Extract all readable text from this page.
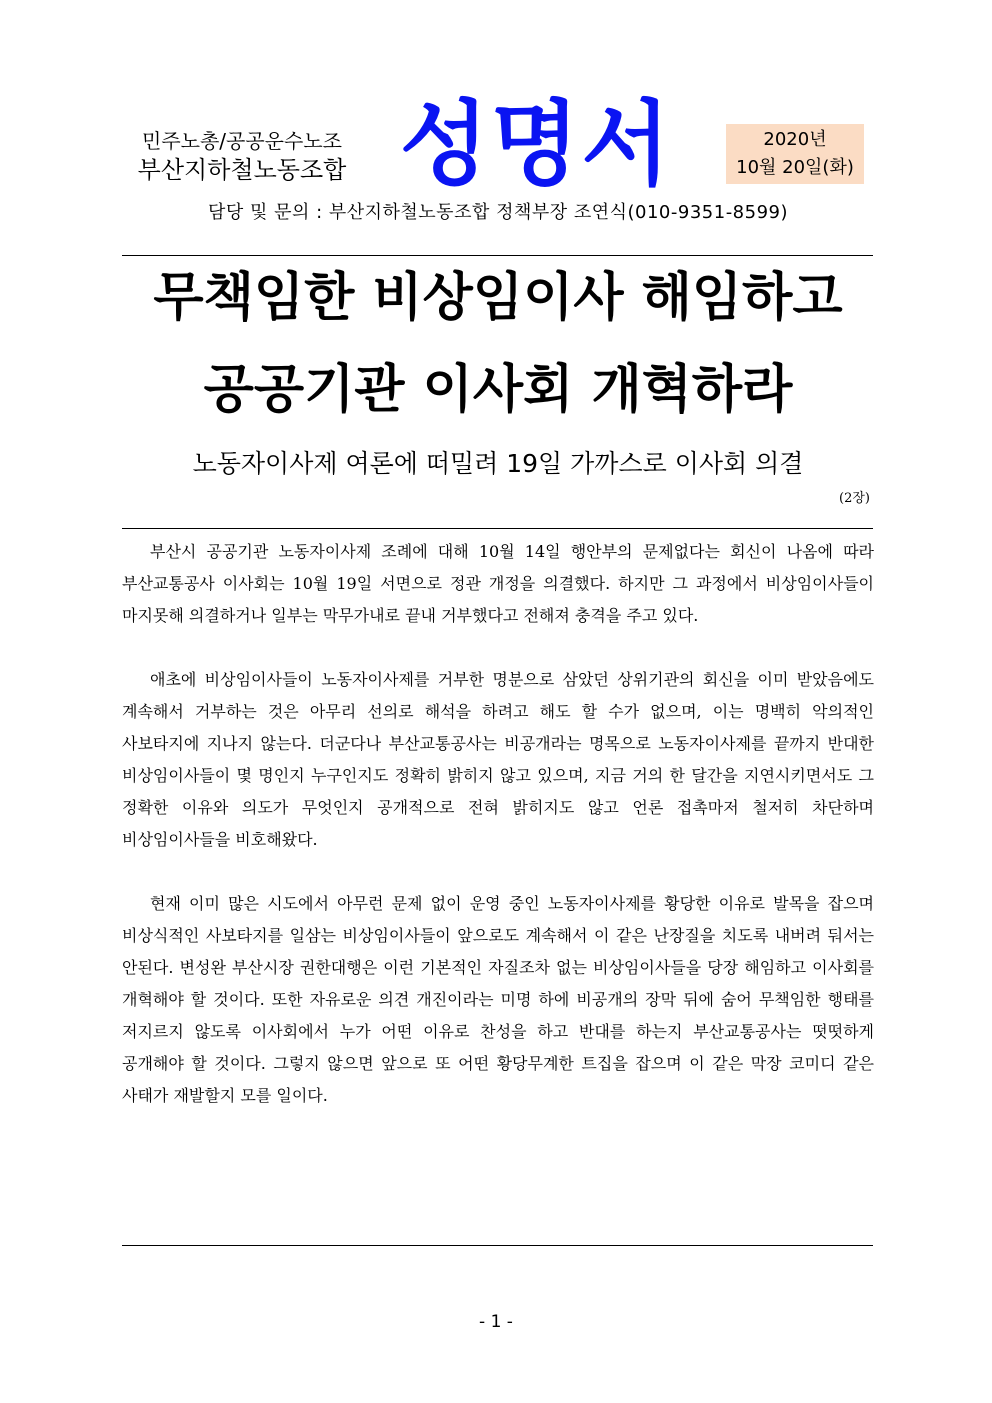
민주노총/공공운수노조
부산지하철노동조합 성명서	2020년
10월 20일(화)
담당 및 문의 : 부산지하철노동조합 정책부장 조연식(010-9351-8599)
무책임한 비상임이사 해임하고
공공기관 이사회 개혁하라
노동자이사제 여론에 떠밀려 19일 가까스로 이사회 의결
(2장)

부산시 공공기관 노동자이사제 조례에 대해 10월 14일 행안부의 문제없다는 회신이 나옴에 따라 부산교통공사 이사회는 10월 19일 서면으로 정관 개정을 의결했다. 하지만 그 과정에서 비상임이사들이 마지못해 의결하거나 일부는 막무가내로 끝내 거부했다고 전해져 충격을 주고 있다.

애초에 비상임이사들이 노동자이사제를 거부한 명분으로 삼았던 상위기관의 회신을 이미 받았음에도 계속해서 거부하는 것은 아무리 선의로 해석을 하려고 해도 할 수가 없으며, 이는 명백히 악의적인 사보타지에 지나지 않는다. 더군다나 부산교통공사는 비공개라는 명목으로 노동자이사제를 끝까지 반대한 비상임이사들이 몇 명인지 누구인지도 정확히 밝히지 않고 있으며, 지금 거의 한 달간을 지연시키면서도 그 정확한 이유와 의도가 무엇인지 공개적으로 전혀 밝히지도 않고 언론 접촉마저 철저히 차단하며 비상임이사들을 비호해왔다.

현재 이미 많은 시도에서 아무런 문제 없이 운영 중인 노동자이사제를 황당한 이유로 발목을 잡으며 비상식적인 사보타지를 일삼는 비상임이사들이 앞으로도 계속해서 이 같은 난장질을 치도록 내버려 둬서는 안된다. 변성완 부산시장 권한대행은 이런 기본적인 자질조차 없는 비상임이사들을 당장 해임하고 이사회를 개혁해야 할 것이다. 또한 자유로운 의견 개진이라는 미명 하에 비공개의 장막 뒤에 숨어 무책임한 행태를 저지르지 않도록 이사회에서 누가 어떤 이유로 찬성을 하고 반대를 하는지 부산교통공사는 떳떳하게 공개해야 할 것이다. 그렇지 않으면 앞으로 또 어떤 황당무계한 트집을 잡으며 이 같은 막장 코미디 같은 사태가 재발할지 모를 일이다.

- 1 -
